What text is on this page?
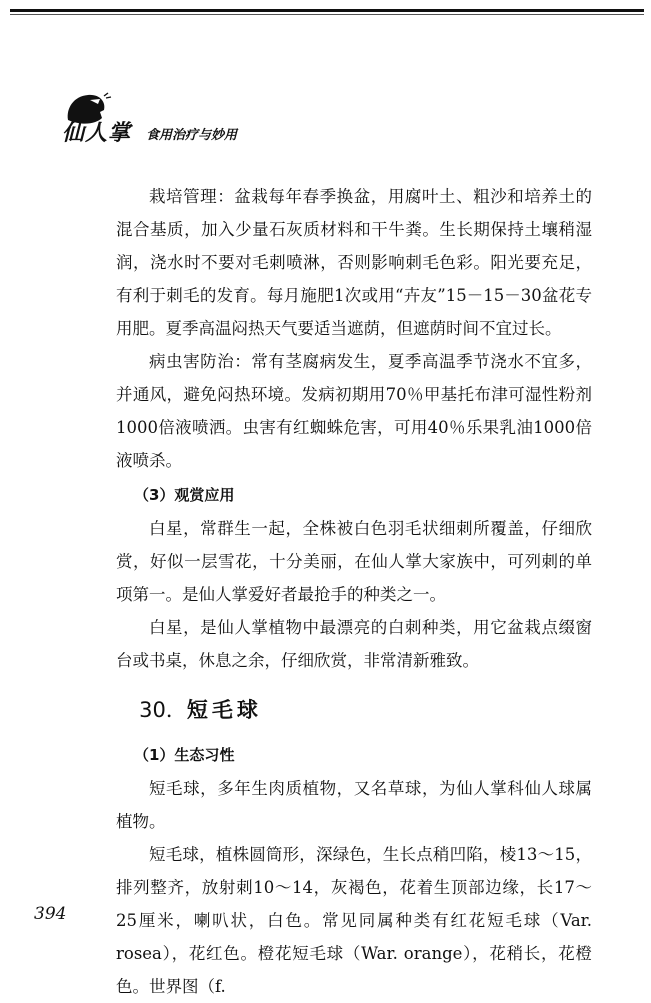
仙人掌 食用治疗与妙用

栽培管理：盆栽每年春季换盆，用腐叶土、粗沙和培养土的混合基质，加入少量石灰质材料和干牛粪。生长期保持土壤稍湿润，浇水时不要对毛刺喷淋，否则影响刺毛色彩。阳光要充足，有利于刺毛的发育。每月施肥1次或用“卉友”15－15－30盆花专用肥。夏季高温闷热天气要适当遮荫，但遮荫时间不宜过长。

病虫害防治：常有茎腐病发生，夏季高温季节浇水不宜多，并通风，避免闷热环境。发病初期用70％甲基托布津可湿性粉剂1000倍液喷洒。虫害有红蜘蛛危害，可用40％乐果乳油1000倍液喷杀。

（3）观赏应用

白星，常群生一起，全株被白色羽毛状细刺所覆盖，仔细欣赏，好似一层雪花，十分美丽，在仙人掌大家族中，可列刺的单项第一。是仙人掌爱好者最抢手的种类之一。

白星，是仙人掌植物中最漂亮的白刺种类，用它盆栽点缀窗台或书桌，休息之余，仔细欣赏，非常清新雅致。

30．短毛球

（1）生态习性

短毛球，多年生肉质植物，又名草球，为仙人掌科仙人球属植物。

短毛球，植株圆筒形，深绿色，生长点稍凹陷，棱13～15，排列整齐，放射刺10～14，灰褐色，花着生顶部边缘，长17～25厘米，喇叭状，白色。常见同属种类有红花短毛球（Var. rosea），花红色。橙花短毛球（War. orange），花稍长，花橙色。世界图（f.

394
